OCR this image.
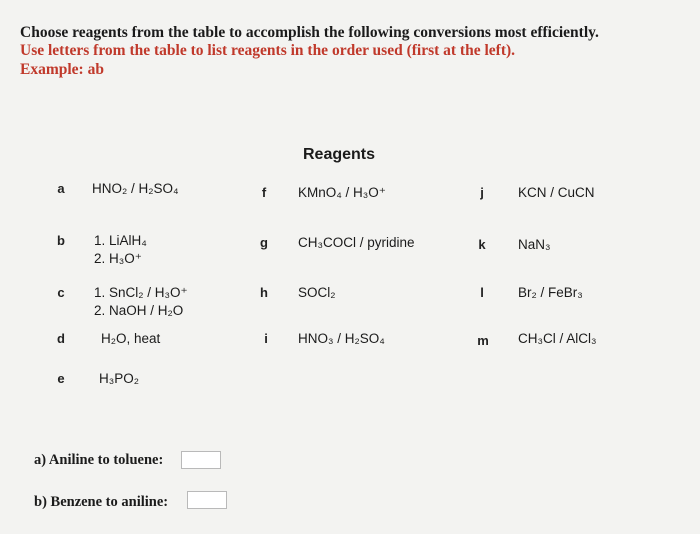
Choose reagents from the table to accomplish the following conversions most efficiently.
Use letters from the table to list reagents in the order used (first at the left).
Example: ab
Reagents
a	HNO₂ / H₂SO₄
b	1. LiAlH₄
2. H₃O⁺
c	1. SnCl₂ / H₃O⁺
2. NaOH / H₂O
d	H₂O, heat
e	H₃PO₂
f	KMnO₄ / H₃O⁺
g	CH₃COCl / pyridine
h	SOCl₂
i	HNO₃ / H₂SO₄
j	KCN / CuCN
k	NaN₃
l	Br₂ / FeBr₃
m	CH₃Cl / AlCl₃
a) Aniline to toluene:
b) Benzene to aniline:
